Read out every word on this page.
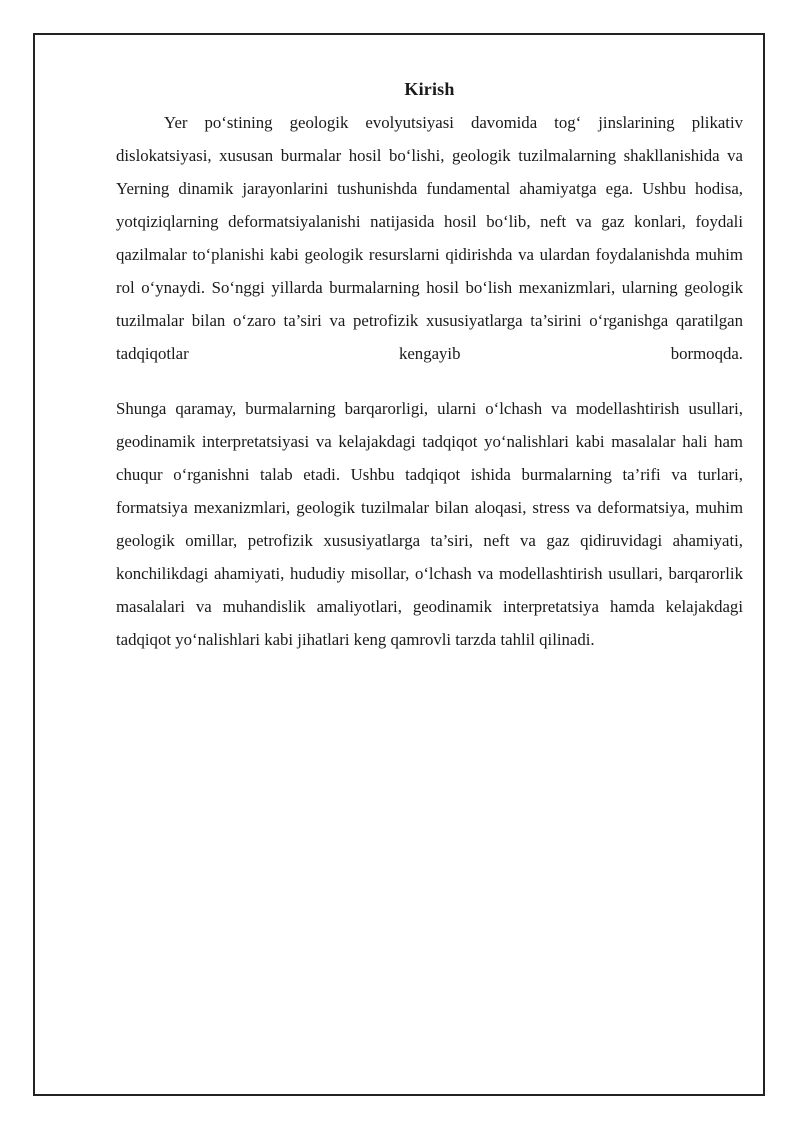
Kirish

Yer po‘stining geologik evolyutsiyasi davomida tog‘ jinslarining plikativ dislokatsiyasi, xususan burmalar hosil bo‘lishi, geologik tuzilmalarning shakllanishida va Yerning dinamik jarayonlarini tushunishda fundamental ahamiyatga ega. Ushbu hodisa, yotqiziqlarning deformatsiyalanishi natijasida hosil bo‘lib, neft va gaz konlari, foydali qazilmalar to‘planishi kabi geologik resurslarni qidirishda va ulardan foydalanishda muhim rol o‘ynaydi. So‘nggi yillarda burmalarning hosil bo‘lish mexanizmlari, ularning geologik tuzilmalar bilan o‘zaro ta’siri va petrofizik xususiyatlarga ta’sirini o‘rganishga qaratilgan tadqiqotlar kengayib bormoqda.

Shunga qaramay, burmalarning barqarorligi, ularni o‘lchash va modellashtirish usullari, geodinamik interpretatsiyasi va kelajakdagi tadqiqot yo‘nalishlari kabi masalalar hali ham chuqur o‘rganishni talab etadi. Ushbu tadqiqot ishida burmalarning ta’rifi va turlari, formatsiya mexanizmlari, geologik tuzilmalar bilan aloqasi, stress va deformatsiya, muhim geologik omillar, petrofizik xususiyatlarga ta’siri, neft va gaz qidiruvidagi ahamiyati, konchilikdagi ahamiyati, hududiy misollar, o‘lchash va modellashtirish usullari, barqarorlik masalalari va muhandislik amaliyotlari, geodinamik interpretatsiya hamda kelajakdagi tadqiqot yo‘nalishlari kabi jihatlari keng qamrovli tarzda tahlil qilinadi.
